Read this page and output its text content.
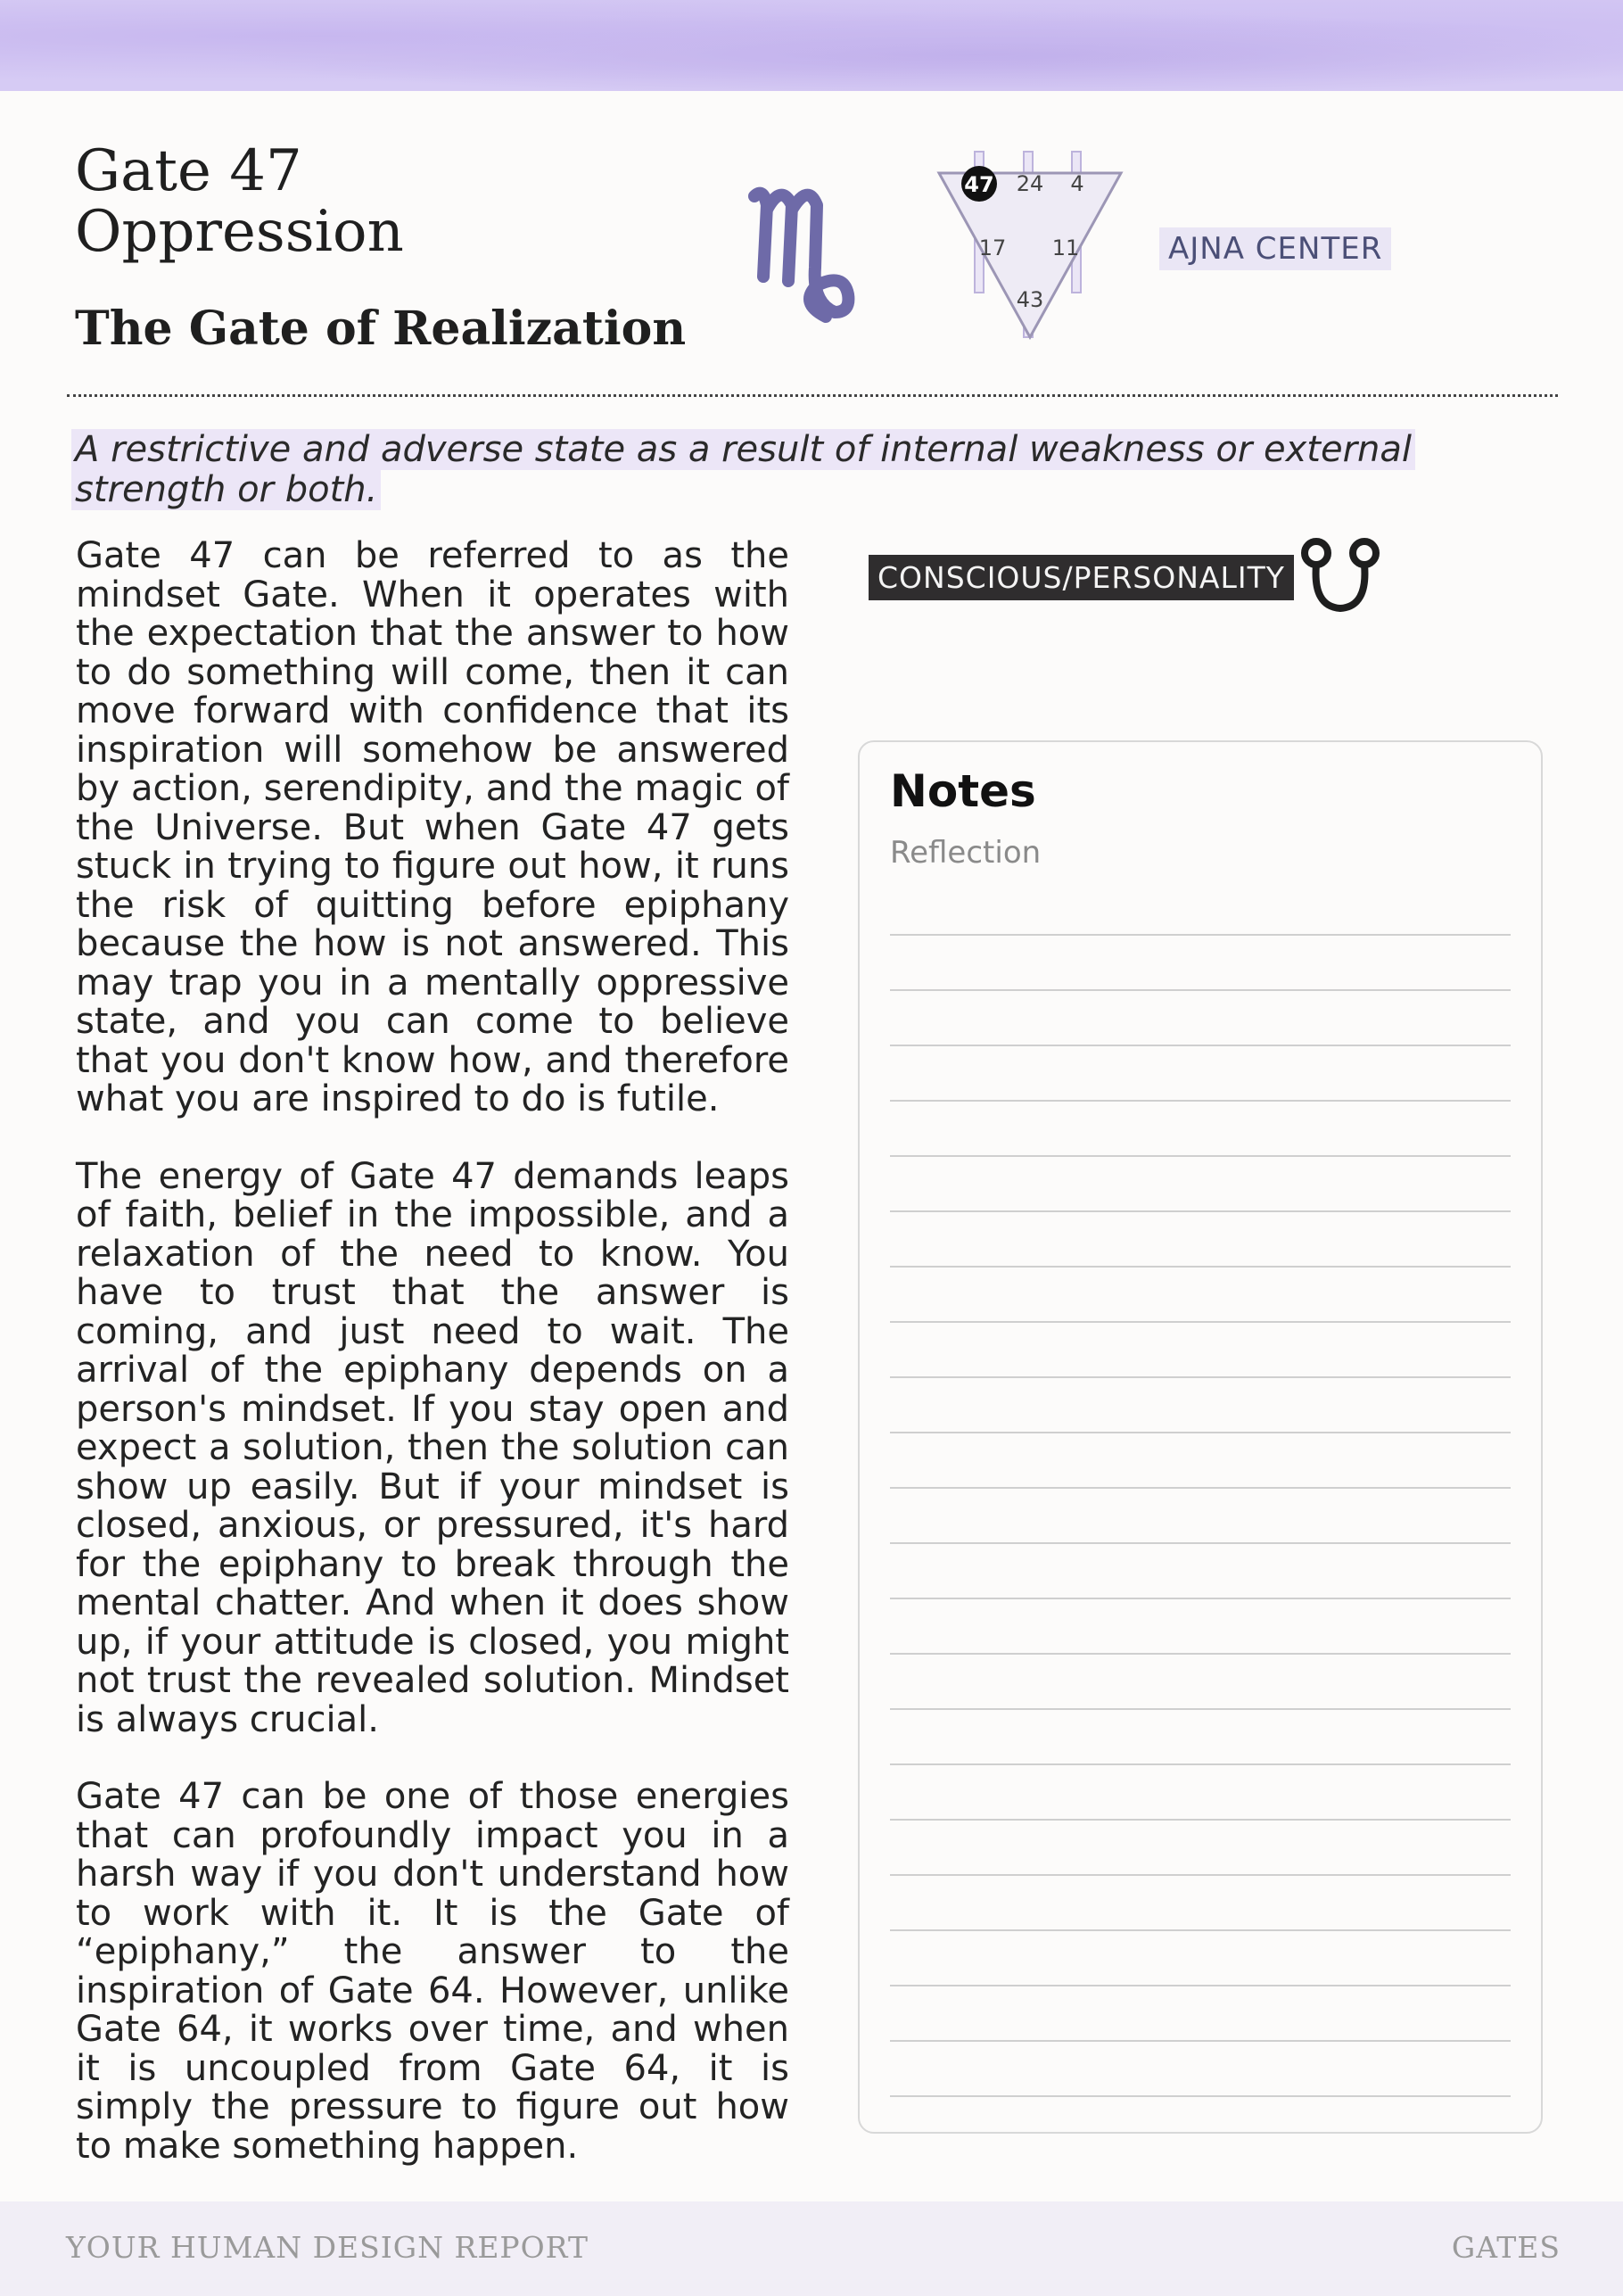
Gate 47
Oppression
The Gate of Realization
47 24 4
17 11
43
AJNA CENTER

A restrictive and adverse state as a result of internal weakness or external strength or both.

Gate 47 can be referred to as the mindset Gate. When it operates with the expectation that the answer to how to do something will come, then it can move forward with confidence that its inspiration will somehow be answered by action, serendipity, and the magic of the Universe. But when Gate 47 gets stuck in trying to figure out how, it runs the risk of quitting before epiphany because the how is not answered. This may trap you in a mentally oppressive state, and you can come to believe that you don't know how, and therefore what you are inspired to do is futile.

The energy of Gate 47 demands leaps of faith, belief in the impossible, and a relaxation of the need to know. You have to trust that the answer is coming, and just need to wait. The arrival of the epiphany depends on a person's mindset. If you stay open and expect a solution, then the solution can show up easily. But if your mindset is closed, anxious, or pressured, it's hard for the epiphany to break through the mental chatter. And when it does show up, if your attitude is closed, you might not trust the revealed solution. Mindset is always crucial.

Gate 47 can be one of those energies that can profoundly impact you in a harsh way if you don't understand how to work with it. It is the Gate of “epiphany,” the answer to the inspiration of Gate 64. However, unlike Gate 64, it works over time, and when it is uncoupled from Gate 64, it is simply the pressure to figure out how to make something happen.

CONSCIOUS/PERSONALITY
Notes
Reflection
YOUR HUMAN DESIGN REPORT	GATES
